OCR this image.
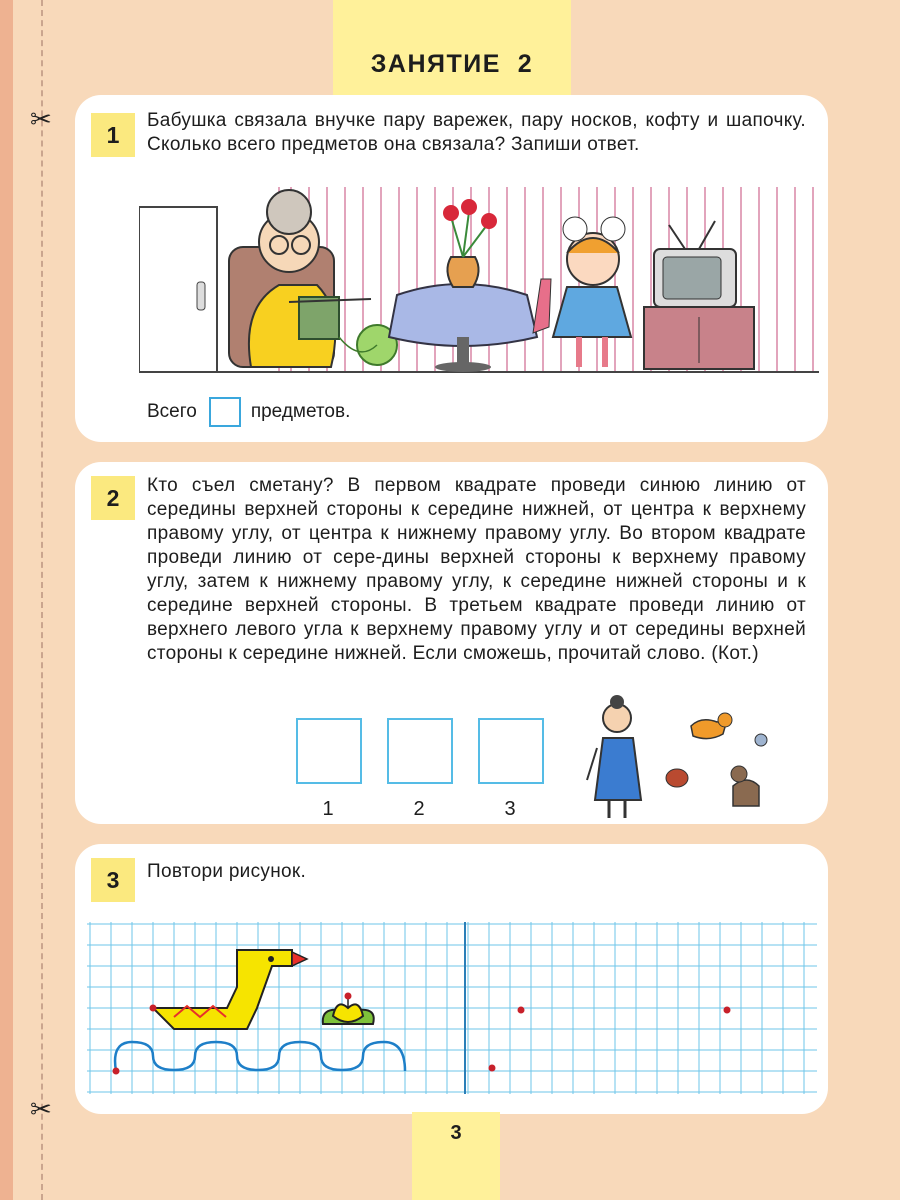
✂
✂
ЗАНЯТИЕ  2
1
Бабушка связала внучке пару варежек, пару носков, кофту и шапочку. Сколько всего предметов она связала? Запиши ответ.
Всего	предметов.
2	Кто съел сметану? В первом квадрате проведи синюю линию от середины верхней стороны к середине нижней, от центра к верхнему правому углу, от центра к нижнему правому углу. Во втором квадрате проведи линию от сере-дины верхней стороны к верхнему правому углу, затем к нижнему правому углу, к середине нижней стороны и к середине верхней стороны. В третьем квадрате проведи линию от верхнего левого угла к верхнему правому углу и от середины верхней стороны к середине нижней. Если сможешь, прочитай слово. (Кот.)
1	2	3
3	Повтори рисунок.
3
